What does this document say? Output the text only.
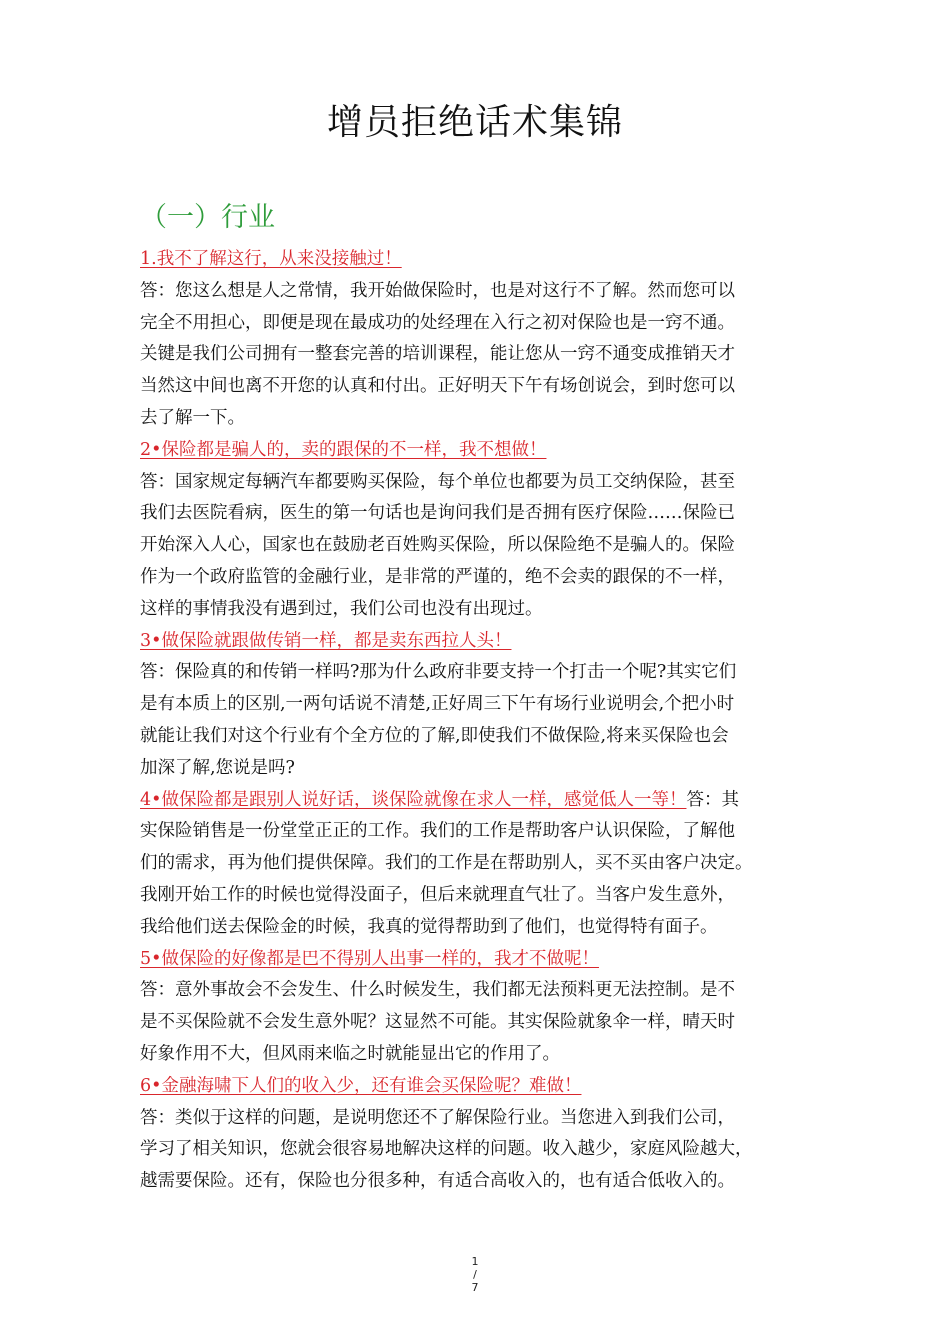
增员拒绝话术集锦
（一）行业
1.我不了解这行，从来没接触过！
答：您这么想是人之常情，我开始做保险时，也是对这行不了解。然而您可以
完全不用担心，即便是现在最成功的处经理在入行之初对保险也是一窍不通。
关键是我们公司拥有一整套完善的培训课程，能让您从一窍不通变成推销天才
当然这中间也离不开您的认真和付出。正好明天下午有场创说会，到时您可以
去了解一下。
2•保险都是骗人的，卖的跟保的不一样，我不想做！
答：国家规定每辆汽车都要购买保险，每个单位也都要为员工交纳保险，甚至
我们去医院看病，医生的第一句话也是询问我们是否拥有医疗保险……保险已
开始深入人心，国家也在鼓励老百姓购买保险，所以保险绝不是骗人的。保险
作为一个政府监管的金融行业，是非常的严谨的，绝不会卖的跟保的不一样，
这样的事情我没有遇到过，我们公司也没有出现过。
3•做保险就跟做传销一样，都是卖东西拉人头！
答：保险真的和传销一样吗?那为什么政府非要支持一个打击一个呢?其实它们
是有本质上的区别,一两句话说不清楚,正好周三下午有场行业说明会,个把小时
就能让我们对这个行业有个全方位的了解,即使我们不做保险,将来买保险也会
加深了解,您说是吗?
4•做保险都是跟别人说好话，谈保险就像在求人一样，感觉低人一等！答：其
实保险销售是一份堂堂正正的工作。我们的工作是帮助客户认识保险，了解他
们的需求，再为他们提供保障。我们的工作是在帮助别人，买不买由客户决定。
我刚开始工作的时候也觉得没面子，但后来就理直气壮了。当客户发生意外，
我给他们送去保险金的时候，我真的觉得帮助到了他们，也觉得特有面子。
5•做保险的好像都是巴不得别人出事一样的，我才不做呢！
答：意外事故会不会发生、什么时候发生，我们都无法预料更无法控制。是不
是不买保险就不会发生意外呢？这显然不可能。其实保险就象伞一样，晴天时
好象作用不大，但风雨来临之时就能显出它的作用了。
6•金融海啸下人们的收入少，还有谁会买保险呢？难做！
答：类似于这样的问题，是说明您还不了解保险行业。当您进入到我们公司，
学习了相关知识，您就会很容易地解决这样的问题。收入越少，家庭风险越大，
越需要保险。还有，保险也分很多种，有适合高收入的，也有适合低收入的。
1
/
7
